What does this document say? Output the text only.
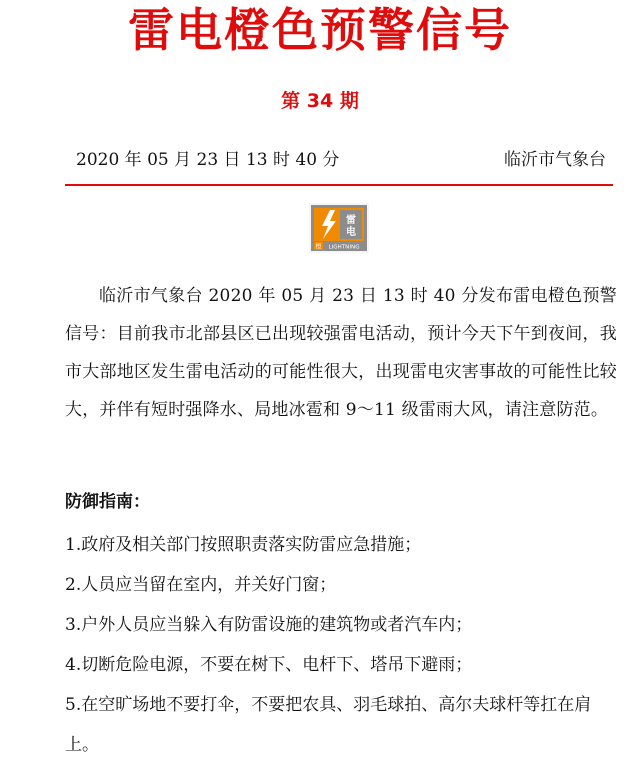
雷电橙色预警信号
第 34 期
2020 年 05 月 23 日 13 时 40 分	临沂市气象台
雷
电
橙 LIGHTNING

临沂市气象台 2020 年 05 月 23 日 13 时 40 分发布雷电橙色预警信号：目前我市北部县区已出现较强雷电活动，预计今天下午到夜间，我市大部地区发生雷电活动的可能性很大，出现雷电灾害事故的可能性比较大，并伴有短时强降水、局地冰雹和 9～11 级雷雨大风，请注意防范。

防御指南：
1.政府及相关部门按照职责落实防雷应急措施；
2.人员应当留在室内，并关好门窗；
3.户外人员应当躲入有防雷设施的建筑物或者汽车内；
4.切断危险电源，不要在树下、电杆下、塔吊下避雨；
5.在空旷场地不要打伞，不要把农具、羽毛球拍、高尔夫球杆等扛在肩上。
